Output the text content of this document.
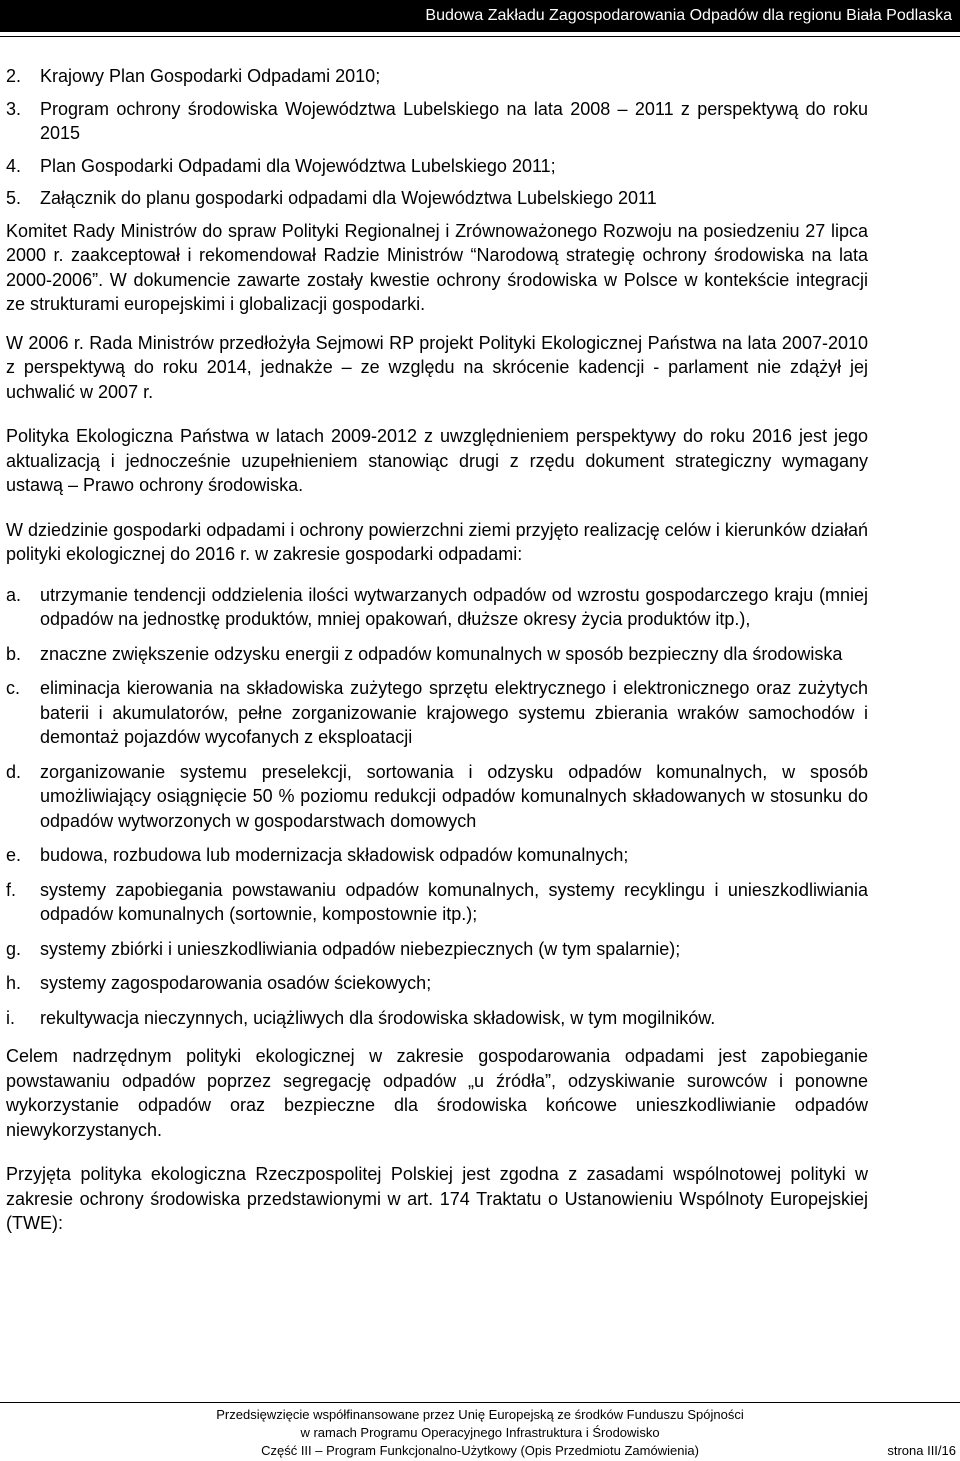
Budowa Zakładu Zagospodarowania Odpadów dla regionu Biała Podlaska
2.	Krajowy Plan Gospodarki Odpadami 2010;
3.	Program ochrony środowiska Województwa Lubelskiego na lata 2008 – 2011 z perspektywą do roku 2015
4.	Plan Gospodarki Odpadami dla Województwa Lubelskiego 2011;
5.	Załącznik do planu gospodarki odpadami dla Województwa Lubelskiego 2011

Komitet Rady Ministrów do spraw Polityki Regionalnej i Zrównoważonego Rozwoju na posiedzeniu 27 lipca 2000 r. zaakceptował i rekomendował Radzie Ministrów “Narodową strategię ochrony środowiska na lata 2000-2006”. W dokumencie zawarte zostały kwestie ochrony środowiska w Polsce w kontekście integracji ze strukturami europejskimi i globalizacji gospodarki.

W 2006 r. Rada Ministrów przedłożyła Sejmowi RP projekt Polityki Ekologicznej Państwa na lata 2007-2010 z perspektywą do roku 2014, jednakże – ze względu na skrócenie kadencji - parlament nie zdążył jej uchwalić w 2007 r.

Polityka Ekologiczna Państwa w latach 2009-2012 z uwzględnieniem perspektywy do roku 2016 jest jego aktualizacją i jednocześnie uzupełnieniem stanowiąc drugi z rzędu dokument strategiczny wymagany ustawą – Prawo ochrony środowiska.

W dziedzinie gospodarki odpadami i ochrony powierzchni ziemi przyjęto realizację celów i kierunków działań polityki ekologicznej do 2016 r. w zakresie gospodarki odpadami:

a.	utrzymanie tendencji oddzielenia ilości wytwarzanych odpadów od wzrostu gospodarczego kraju (mniej odpadów na jednostkę produktów, mniej opakowań, dłuższe okresy życia produktów itp.),
b.	znaczne zwiększenie odzysku energii z odpadów komunalnych w sposób bezpieczny dla środowiska
c.	eliminacja kierowania na składowiska zużytego sprzętu elektrycznego i elektronicznego oraz zużytych baterii i akumulatorów, pełne zorganizowanie krajowego systemu zbierania wraków samochodów i demontaż pojazdów wycofanych z eksploatacji
d.	zorganizowanie systemu preselekcji, sortowania i odzysku odpadów komunalnych, w sposób umożliwiający osiągnięcie 50 % poziomu redukcji odpadów komunalnych składowanych w stosunku do odpadów wytworzonych w gospodarstwach domowych
e.	budowa, rozbudowa lub modernizacja składowisk odpadów komunalnych;
f.	systemy zapobiegania powstawaniu odpadów komunalnych, systemy recyklingu i unieszkodliwiania odpadów komunalnych (sortownie, kompostownie itp.);
g.	systemy zbiórki i unieszkodliwiania odpadów niebezpiecznych (w tym spalarnie);
h.	systemy zagospodarowania osadów ściekowych;
i.	rekultywacja nieczynnych, uciążliwych dla środowiska składowisk, w tym mogilników.

Celem nadrzędnym polityki ekologicznej w zakresie gospodarowania odpadami jest zapobieganie powstawaniu odpadów poprzez segregację odpadów „u źródła”, odzyskiwanie surowców i ponowne wykorzystanie odpadów oraz bezpieczne dla środowiska końcowe unieszkodliwianie odpadów niewykorzystanych.

Przyjęta polityka ekologiczna Rzeczpospolitej Polskiej jest zgodna z zasadami wspólnotowej polityki w zakresie ochrony środowiska przedstawionymi w art. 174 Traktatu o Ustanowieniu Wspólnoty Europejskiej (TWE):

Przedsięwzięcie współfinansowane przez Unię Europejską ze środków Funduszu Spójności
w ramach Programu Operacyjnego Infrastruktura i Środowisko
Część III – Program Funkcjonalno-Użytkowy (Opis Przedmiotu Zamówienia)	strona III/16
